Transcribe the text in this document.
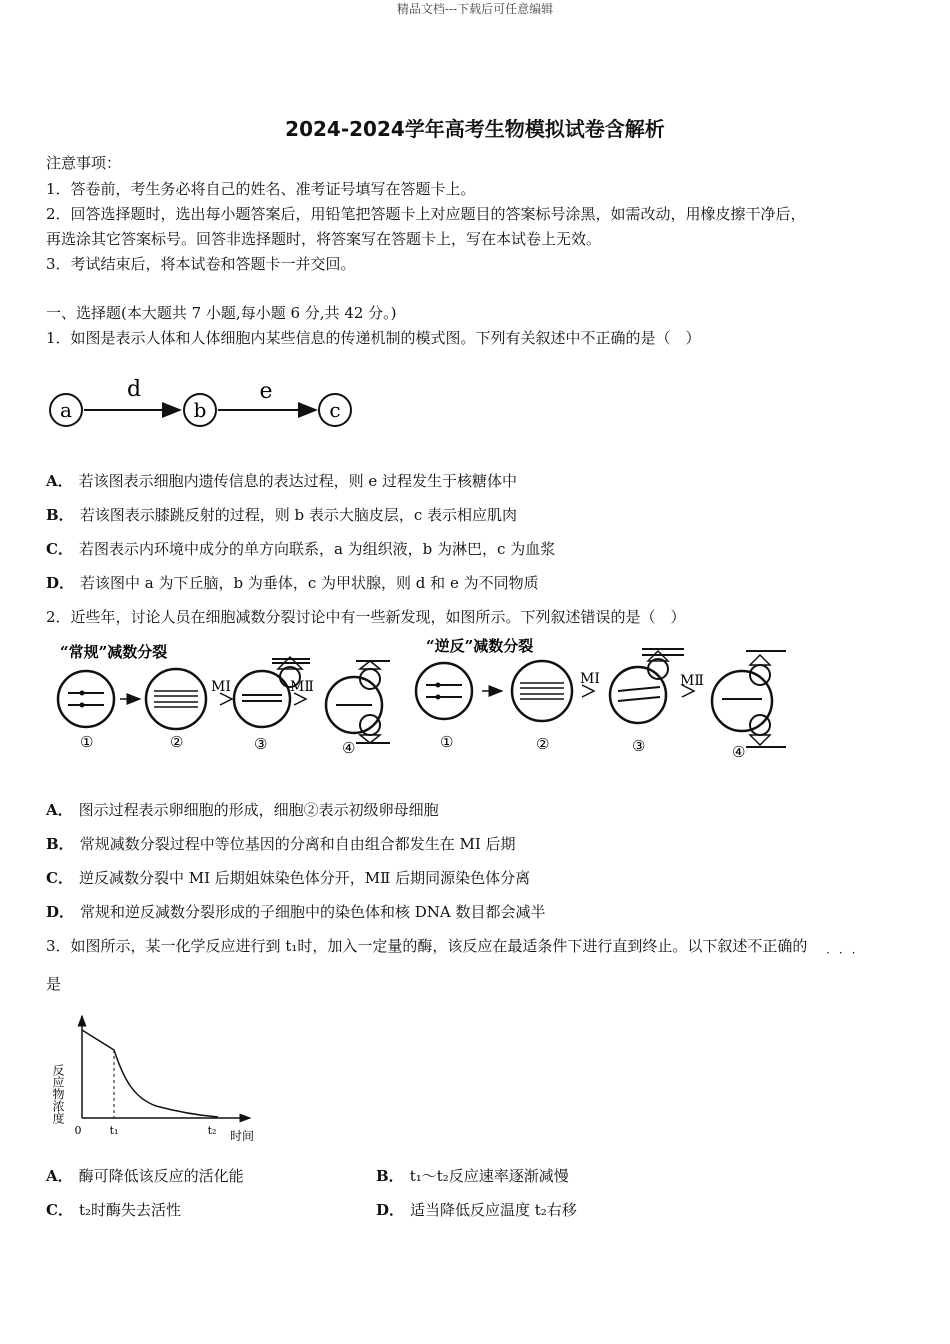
精品文档---下载后可任意编辑
2024-2024学年高考生物模拟试卷含解析
注意事项：
1．答卷前，考生务必将自己的姓名、准考证号填写在答题卡上。
2．回答选择题时，选出每小题答案后，用铅笔把答题卡上对应题目的答案标号涂黑，如需改动，用橡皮擦干净后，
再选涂其它答案标号。回答非选择题时，将答案写在答题卡上，写在本试卷上无效。
3．考试结束后，将本试卷和答题卡一并交回。
一、选择题(本大题共 7 小题,每小题 6 分,共 42 分。)
1．如图是表示人体和人体细胞内某些信息的传递机制的模式图。下列有关叙述中不正确的是（　）
a
d
b
e
c
A． 若该图表示细胞内遗传信息的表达过程，则 e 过程发生于核糖体中
B． 若该图表示膝跳反射的过程，则 b 表示大脑皮层，c 表示相应肌肉
C． 若图表示内环境中成分的单方向联系，a 为组织液，b 为淋巴，c 为血浆
D． 若该图中 a 为下丘脑，b 为垂体，c 为甲状腺，则 d 和 e 为不同物质
2．近些年，讨论人员在细胞减数分裂讨论中有一些新发现，如图所示。下列叙述错误的是（　）
“常规”减数分裂	“逆反”减数分裂
MⅠ	MⅡ
①	②	③	④
MⅠ	MⅡ
①	②	③	④
A． 图示过程表示卵细胞的形成，细胞②表示初级卵母细胞
B． 常规减数分裂过程中等位基因的分离和自由组合都发生在 MⅠ 后期
C． 逆反减数分裂中 MⅠ 后期姐妹染色体分开，MⅡ 后期同源染色体分离
D． 常规和逆反减数分裂形成的子细胞中的染色体和核 DNA 数目都会减半
3．如图所示，某一化学反应进行到 t₁时，加入一定量的酶，该反应在最适条件下进行直到终止。以下叙述不正确的 ···
是
反应物浓度
0	t₁	t₂ 时间
A． 酶可降低该反应的活化能	B． t₁～t₂反应速率逐渐减慢
C． t₂时酶失去活性	D． 适当降低反应温度 t₂右移
